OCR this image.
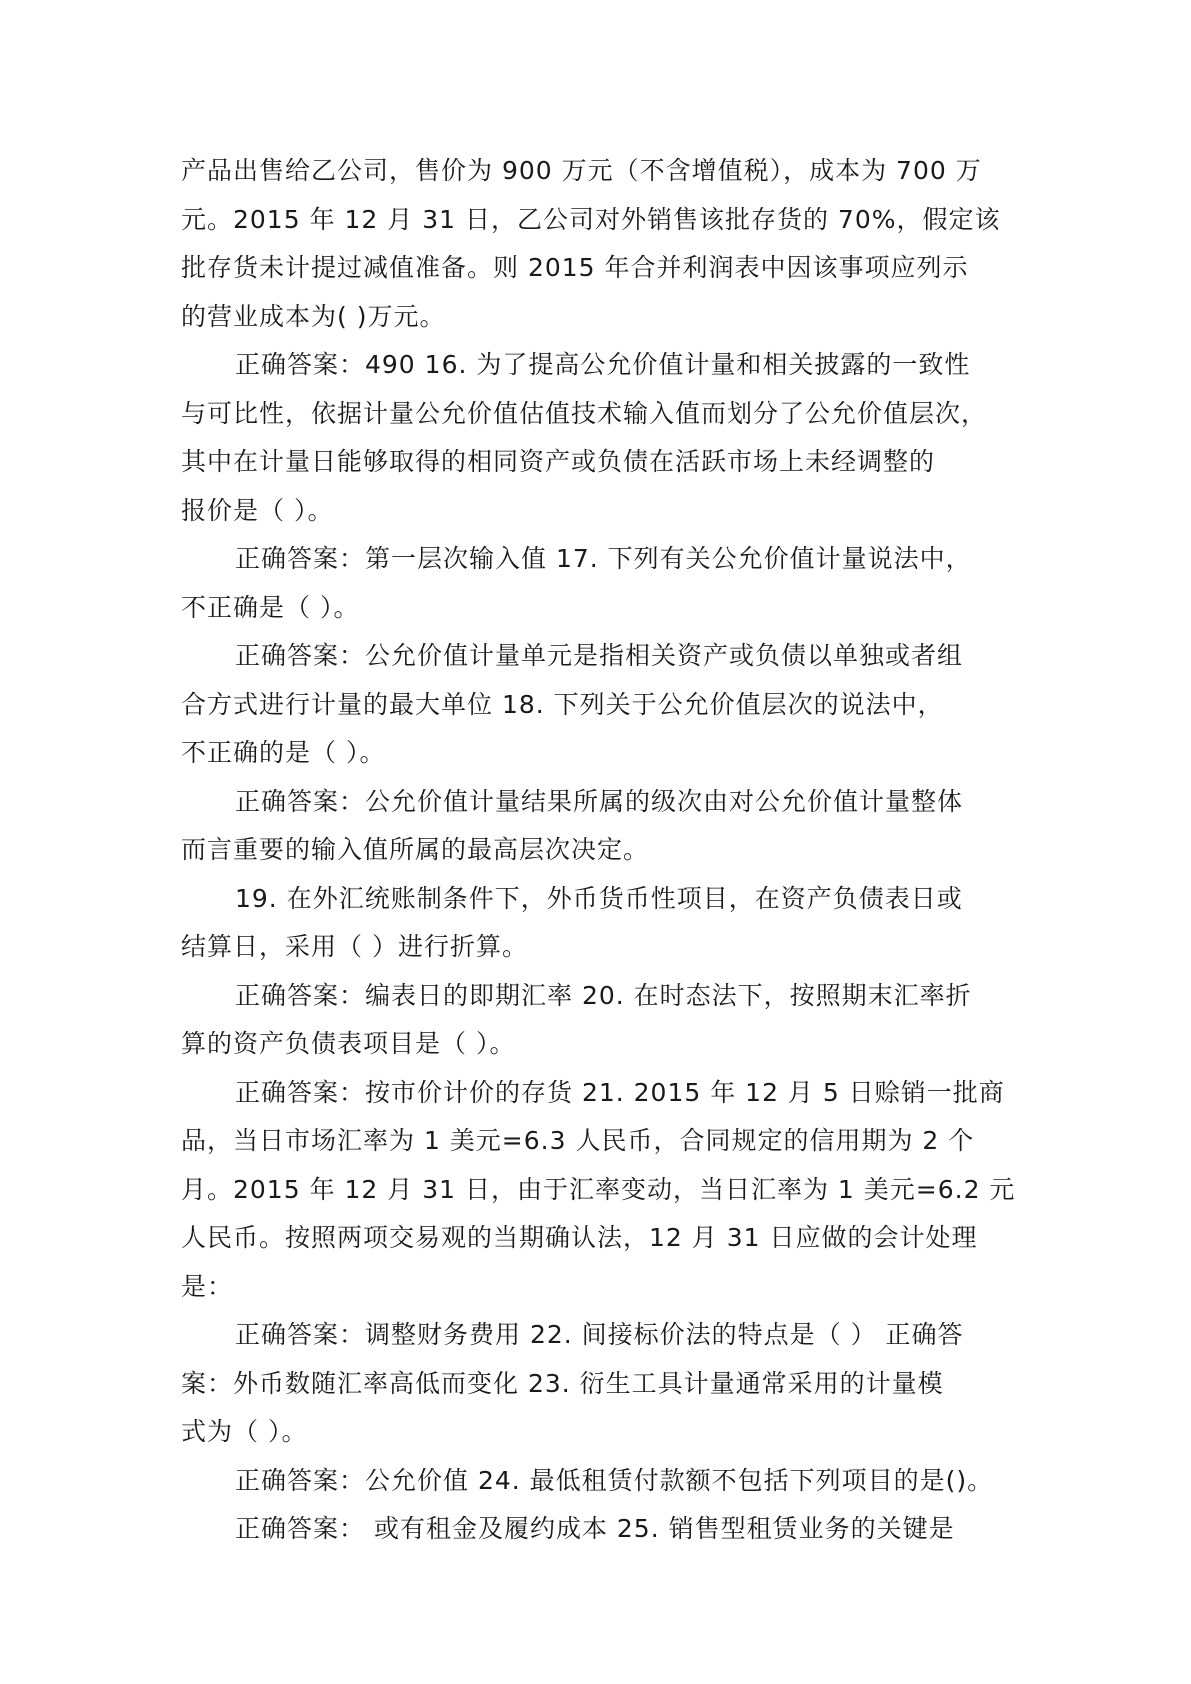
产品出售给乙公司，售价为 900 万元（不含增值税），成本为 700 万
元。2015 年 12 月 31 日，乙公司对外销售该批存货的 70%，假定该
批存货未计提过减值准备。则 2015 年合并利润表中因该事项应列示
的营业成本为( )万元。

正确答案：490 16. 为了提高公允价值计量和相关披露的一致性
与可比性，依据计量公允价值估值技术输入值而划分了公允价值层次，
其中在计量日能够取得的相同资产或负债在活跃市场上未经调整的
报价是（ ）。

正确答案：第一层次输入值 17. 下列有关公允价值计量说法中，
不正确是（ ）。

正确答案：公允价值计量单元是指相关资产或负债以单独或者组
合方式进行计量的最大单位 18. 下列关于公允价值层次的说法中，
不正确的是（ ）。

正确答案：公允价值计量结果所属的级次由对公允价值计量整体
而言重要的输入值所属的最高层次决定。

19. 在外汇统账制条件下，外币货币性项目，在资产负债表日或
结算日，采用（ ）进行折算。

正确答案：编表日的即期汇率 20. 在时态法下，按照期末汇率折
算的资产负债表项目是（ ）。

正确答案：按市价计价的存货 21. 2015 年 12 月 5 日赊销一批商
品，当日市场汇率为 1 美元=6.3 人民币，合同规定的信用期为 2 个
月。2015 年 12 月 31 日，由于汇率变动，当日汇率为 1 美元=6.2 元
人民币。按照两项交易观的当期确认法，12 月 31 日应做的会计处理
是：

正确答案：调整财务费用 22. 间接标价法的特点是（ ） 正确答
案：外币数随汇率高低而变化 23. 衍生工具计量通常采用的计量模
式为（ ）。

正确答案：公允价值 24. 最低租赁付款额不包括下列项目的是()。

正确答案： 或有租金及履约成本 25. 销售型租赁业务的关键是
